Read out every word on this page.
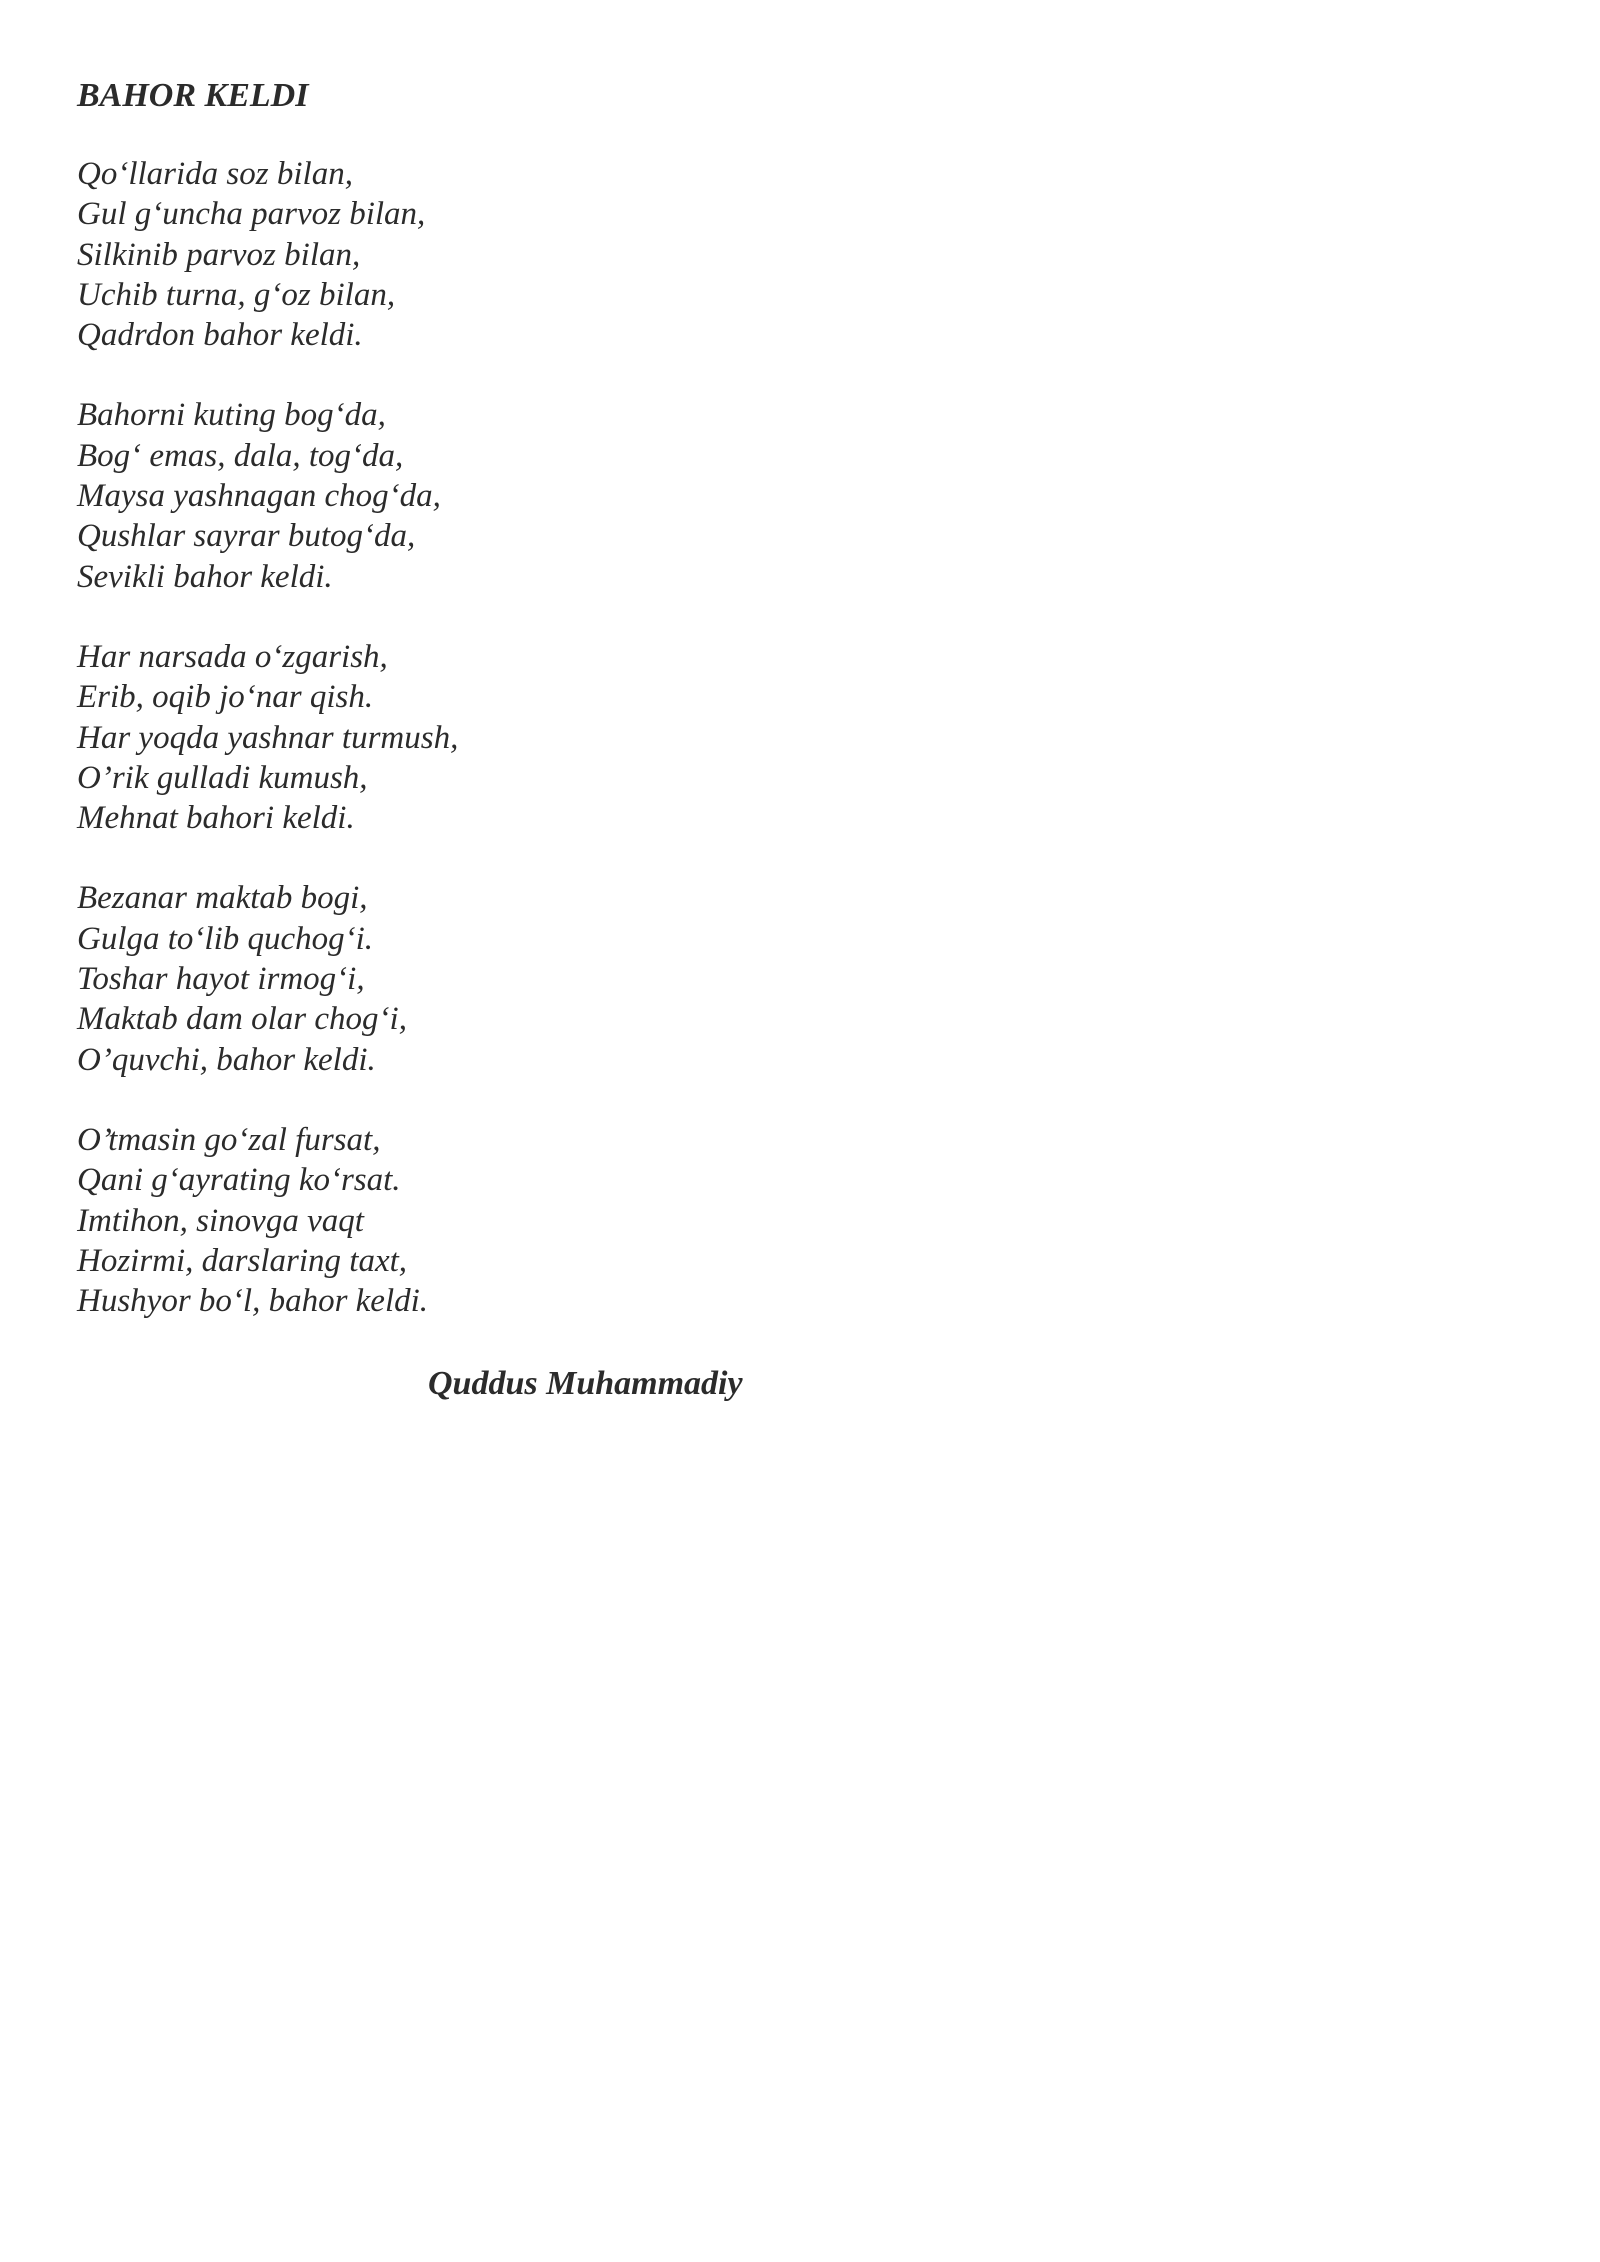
BAHOR KELDI
Qo‘llarida soz bilan,
Gul g‘uncha parvoz bilan,
Silkinib parvoz bilan,
Uchib turna, g‘oz bilan,
Qadrdon bahor keldi.
Bahorni kuting bog‘da,
Bog‘ emas, dala, tog‘da,
Maysa yashnagan chog‘da,
Qushlar sayrar butog‘da,
Sevikli bahor keldi.
Har narsada o‘zgarish,
Erib, oqib jo‘nar qish.
Har yoqda yashnar turmush,
O’rik gulladi kumush,
Mehnat bahori keldi.
Bezanar maktab bogi,
Gulga to‘lib quchog‘i.
Toshar hayot irmog‘i,
Maktab dam olar chog‘i,
O’quvchi, bahor keldi.
O’tmasin go‘zal fursat,
Qani g‘ayrating ko‘rsat.
Imtihon, sinovga vaqt
Hozirmi, darslaring taxt,
Hushyor bo‘l, bahor keldi.

Quddus Muhammadiy
